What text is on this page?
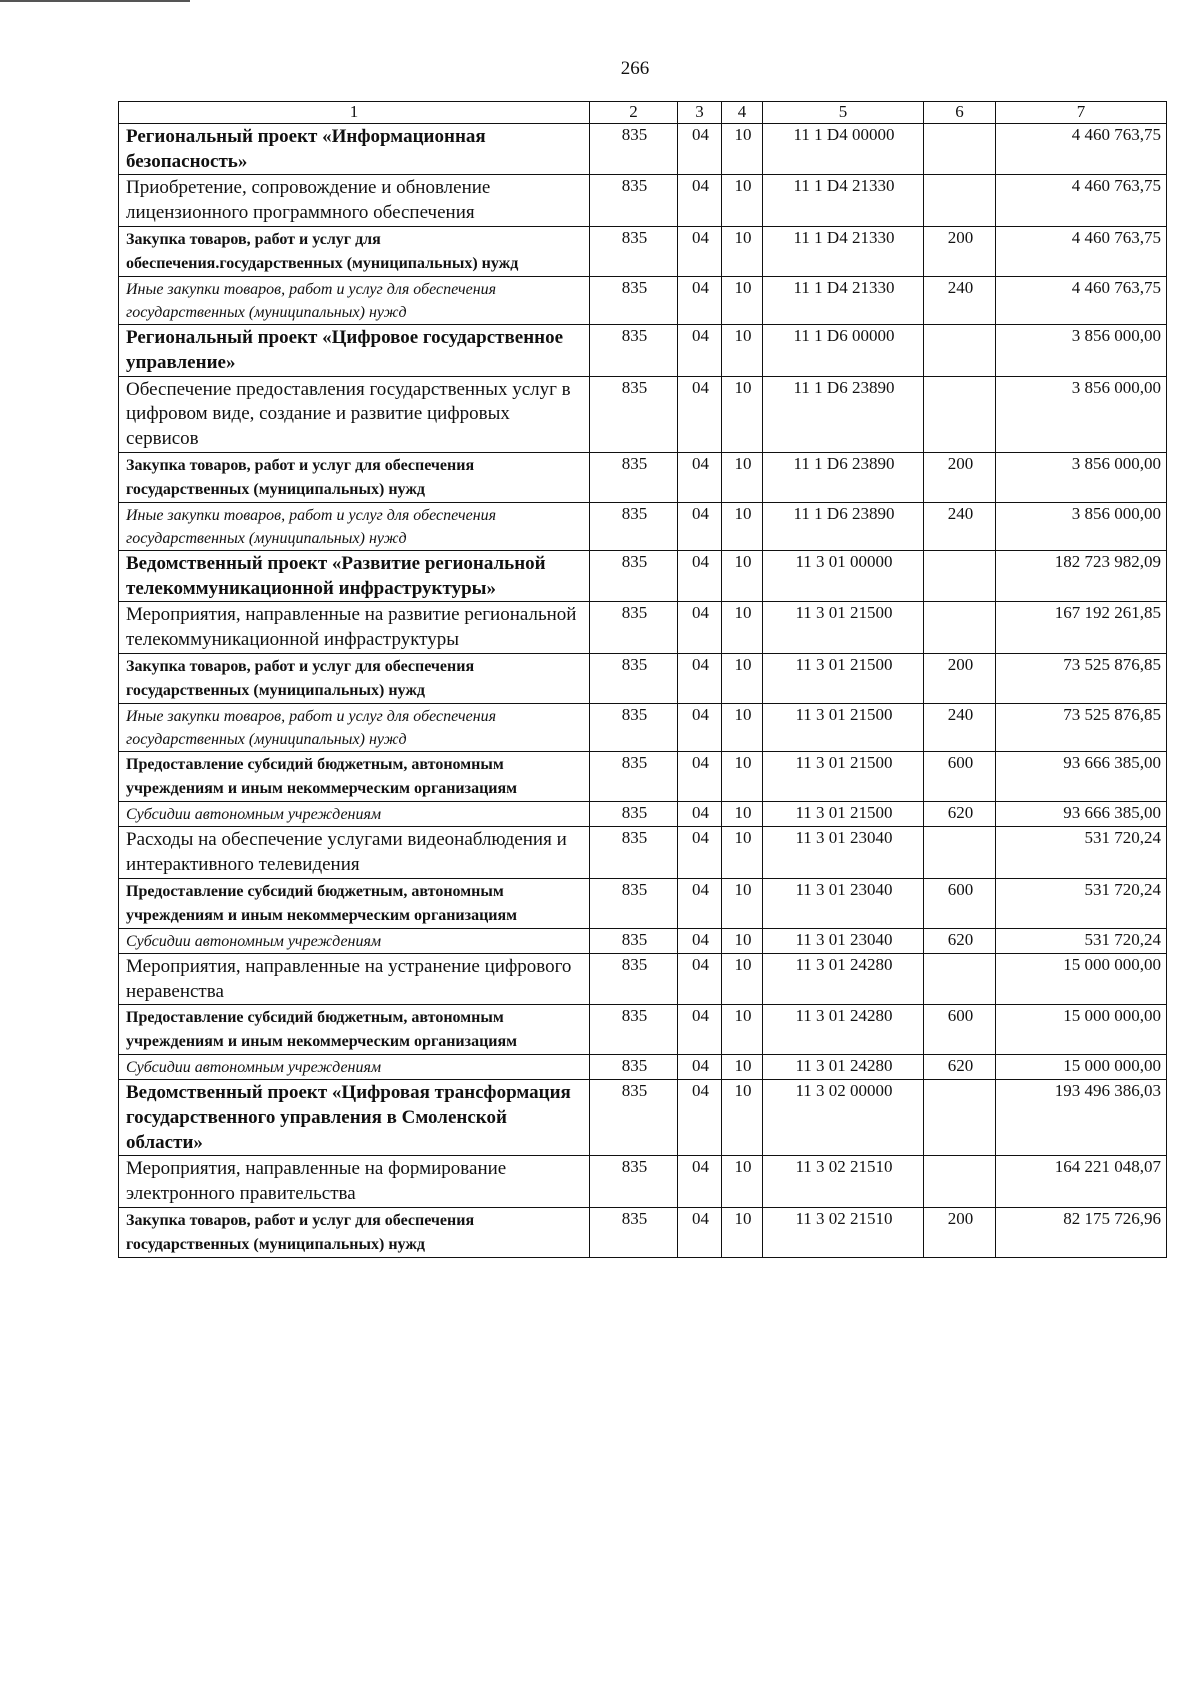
266
1	2	3	4	5	6	7
Региональный проект «Информационная безопасность»	835	04	10	11 1 D4 00000		4 460 763,75
Приобретение, сопровождение и обновление лицензионного программного обеспечения	835	04	10	11 1 D4 21330		4 460 763,75
Закупка товаров, работ и услуг для обеспечения.государственных (муниципальных) нужд	835	04	10	11 1 D4 21330	200	4 460 763,75
Иные закупки товаров, работ и услуг для обеспечения государственных (муниципальных) нужд	835	04	10	11 1 D4 21330	240	4 460 763,75
Региональный проект «Цифровое государственное управление»	835	04	10	11 1 D6 00000		3 856 000,00
Обеспечение предоставления государственных услуг в цифровом виде, создание и развитие цифровых сервисов	835	04	10	11 1 D6 23890		3 856 000,00
Закупка товаров, работ и услуг для обеспечения государственных (муниципальных) нужд	835	04	10	11 1 D6 23890	200	3 856 000,00
Иные закупки товаров, работ и услуг для обеспечения государственных (муниципальных) нужд	835	04	10	11 1 D6 23890	240	3 856 000,00
Ведомственный проект «Развитие региональной телекоммуникационной инфраструктуры»	835	04	10	11 3 01 00000		182 723 982,09
Мероприятия, направленные на развитие региональной телекоммуникационной инфраструктуры	835	04	10	11 3 01 21500		167 192 261,85
Закупка товаров, работ и услуг для обеспечения государственных (муниципальных) нужд	835	04	10	11 3 01 21500	200	73 525 876,85
Иные закупки товаров, работ и услуг для обеспечения государственных (муниципальных) нужд	835	04	10	11 3 01 21500	240	73 525 876,85
Предоставление субсидий бюджетным, автономным учреждениям и иным некоммерческим организациям	835	04	10	11 3 01 21500	600	93 666 385,00
Субсидии автономным учреждениям	835	04	10	11 3 01 21500	620	93 666 385,00
Расходы на обеспечение услугами видеонаблюдения и интерактивного телевидения	835	04	10	11 3 01 23040		531 720,24
Предоставление субсидий бюджетным, автономным учреждениям и иным некоммерческим организациям	835	04	10	11 3 01 23040	600	531 720,24
Субсидии автономным учреждениям	835	04	10	11 3 01 23040	620	531 720,24
Мероприятия, направленные на устранение цифрового неравенства	835	04	10	11 3 01 24280		15 000 000,00
Предоставление субсидий бюджетным, автономным учреждениям и иным некоммерческим организациям	835	04	10	11 3 01 24280	600	15 000 000,00
Субсидии автономным учреждениям	835	04	10	11 3 01 24280	620	15 000 000,00
Ведомственный проект «Цифровая трансформация государственного управления в Смоленской области»	835	04	10	11 3 02 00000		193 496 386,03
Мероприятия, направленные на формирование электронного правительства	835	04	10	11 3 02 21510		164 221 048,07
Закупка товаров, работ и услуг для обеспечения государственных (муниципальных) нужд	835	04	10	11 3 02 21510	200	82 175 726,96
